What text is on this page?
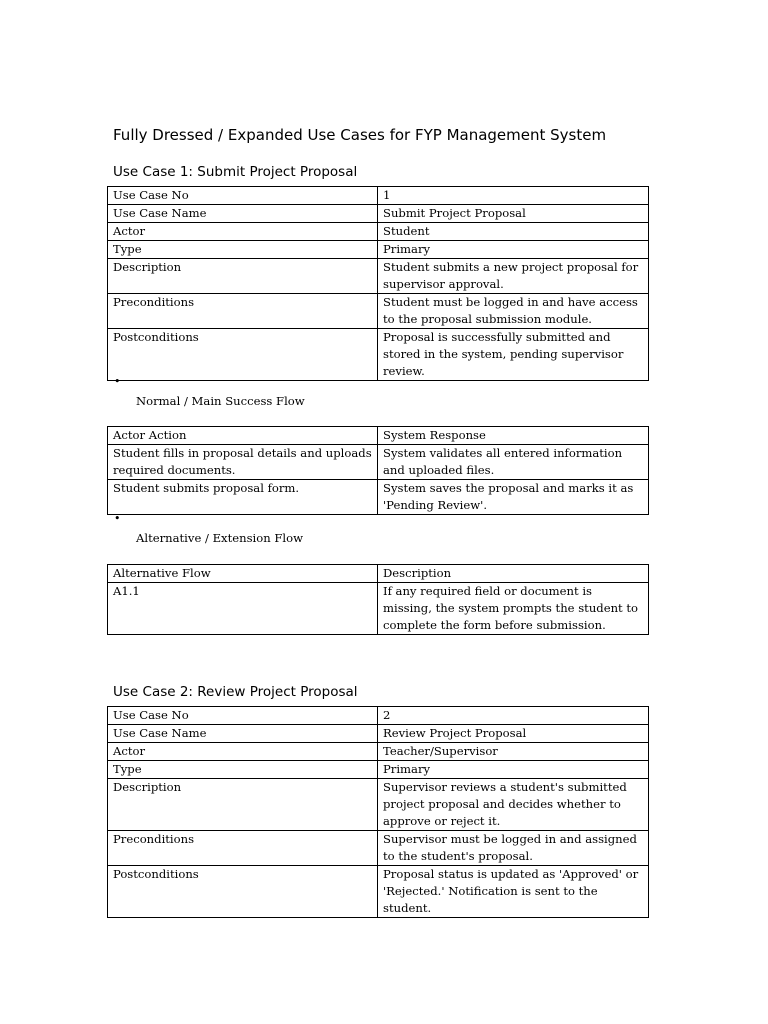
Fully Dressed / Expanded Use Cases for FYP Management System
Use Case 1: Submit Project Proposal
Use Case No	1
Use Case Name	Submit Project Proposal
Actor	Student
Type	Primary
Description	Student submits a new project proposal for supervisor approval.
Preconditions	Student must be logged in and have access to the proposal submission module.
Postconditions	Proposal is successfully submitted and stored in the system, pending supervisor review.
•
Normal / Main Success Flow
Actor Action	System Response
Student fills in proposal details and uploads required documents.	System validates all entered information and uploaded files.
Student submits proposal form.	System saves the proposal and marks it as 'Pending Review'.
•
Alternative / Extension Flow
Alternative Flow	Description
A1.1	If any required field or document is missing, the system prompts the student to complete the form before submission.
Use Case 2: Review Project Proposal
Use Case No	2
Use Case Name	Review Project Proposal
Actor	Teacher/Supervisor
Type	Primary
Description	Supervisor reviews a student's submitted project proposal and decides whether to approve or reject it.
Preconditions	Supervisor must be logged in and assigned to the student's proposal.
Postconditions	Proposal status is updated as 'Approved' or 'Rejected.' Notification is sent to the student.
